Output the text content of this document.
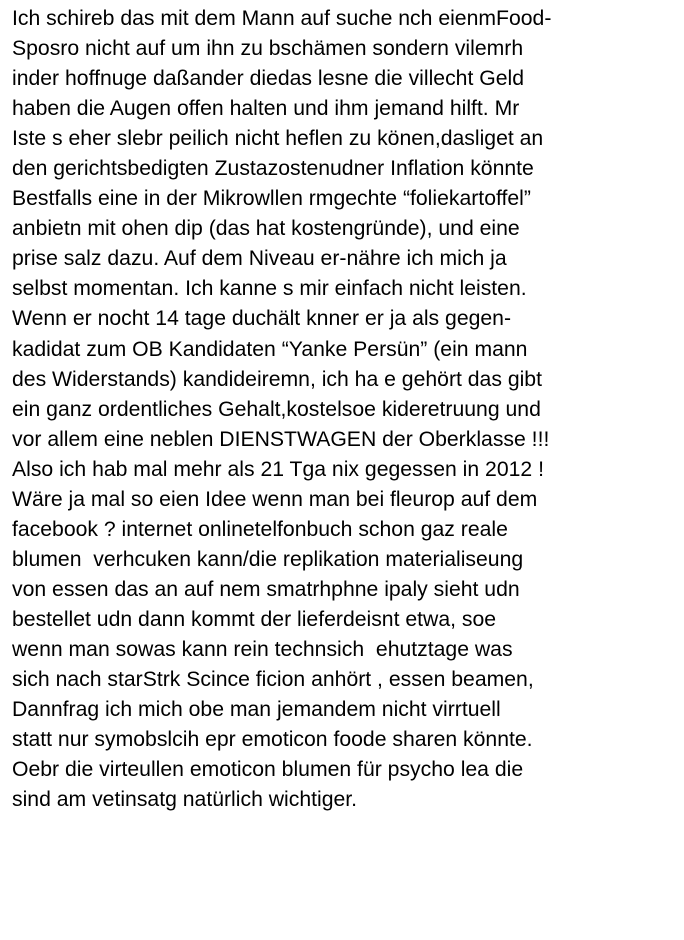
Ich schireb das mit dem Mann auf suche nch eienmFood-
Sposro nicht auf um ihn zu bschämen sondern vilemrh
inder hoffnuge daßander diedas lesne die villecht Geld
haben die Augen offen halten und ihm jemand hilft. Mr
Iste s eher slebr peilich nicht heflen zu könen,dasliget an
den gerichtsbedigten Zustazostenudner Inflation könnte
Bestfalls eine in der Mikrowllen rmgechte “foliekartoffel”
anbietn mit ohen dip (das hat kostengründe), und eine
prise salz dazu. Auf dem Niveau er-nähre ich mich ja
selbst momentan. Ich kanne s mir einfach nicht leisten.
Wenn er nocht 14 tage duchält knner er ja als gegen-
kadidat zum OB Kandidaten “Yanke Persün” (ein mann
des Widerstands) kandideiremn, ich ha e gehört das gibt
ein ganz ordentliches Gehalt,kostelsoe kideretruung und
vor allem eine neblen DIENSTWAGEN der Oberklasse !!!
Also ich hab mal mehr als 21 Tga nix gegessen in 2012 !
Wäre ja mal so eien Idee wenn man bei fleurop auf dem
facebook ? internet onlinetelfonbuch schon gaz reale
blumen  verhcuken kann/die replikation materialiseung
von essen das an auf nem smatrhphne ipaly sieht udn
bestellet udn dann kommt der lieferdeisnt etwa, soe
wenn man sowas kann rein technsich  ehutztage was
sich nach starStrk Scince ficion anhört , essen beamen,
Dannfrag ich mich obe man jemandem nicht virrtuell
statt nur symobslcih epr emoticon foode sharen könnte.
Oebr die virteullen emoticon blumen für psycho lea die
sind am vetinsatg natürlich wichtiger.
